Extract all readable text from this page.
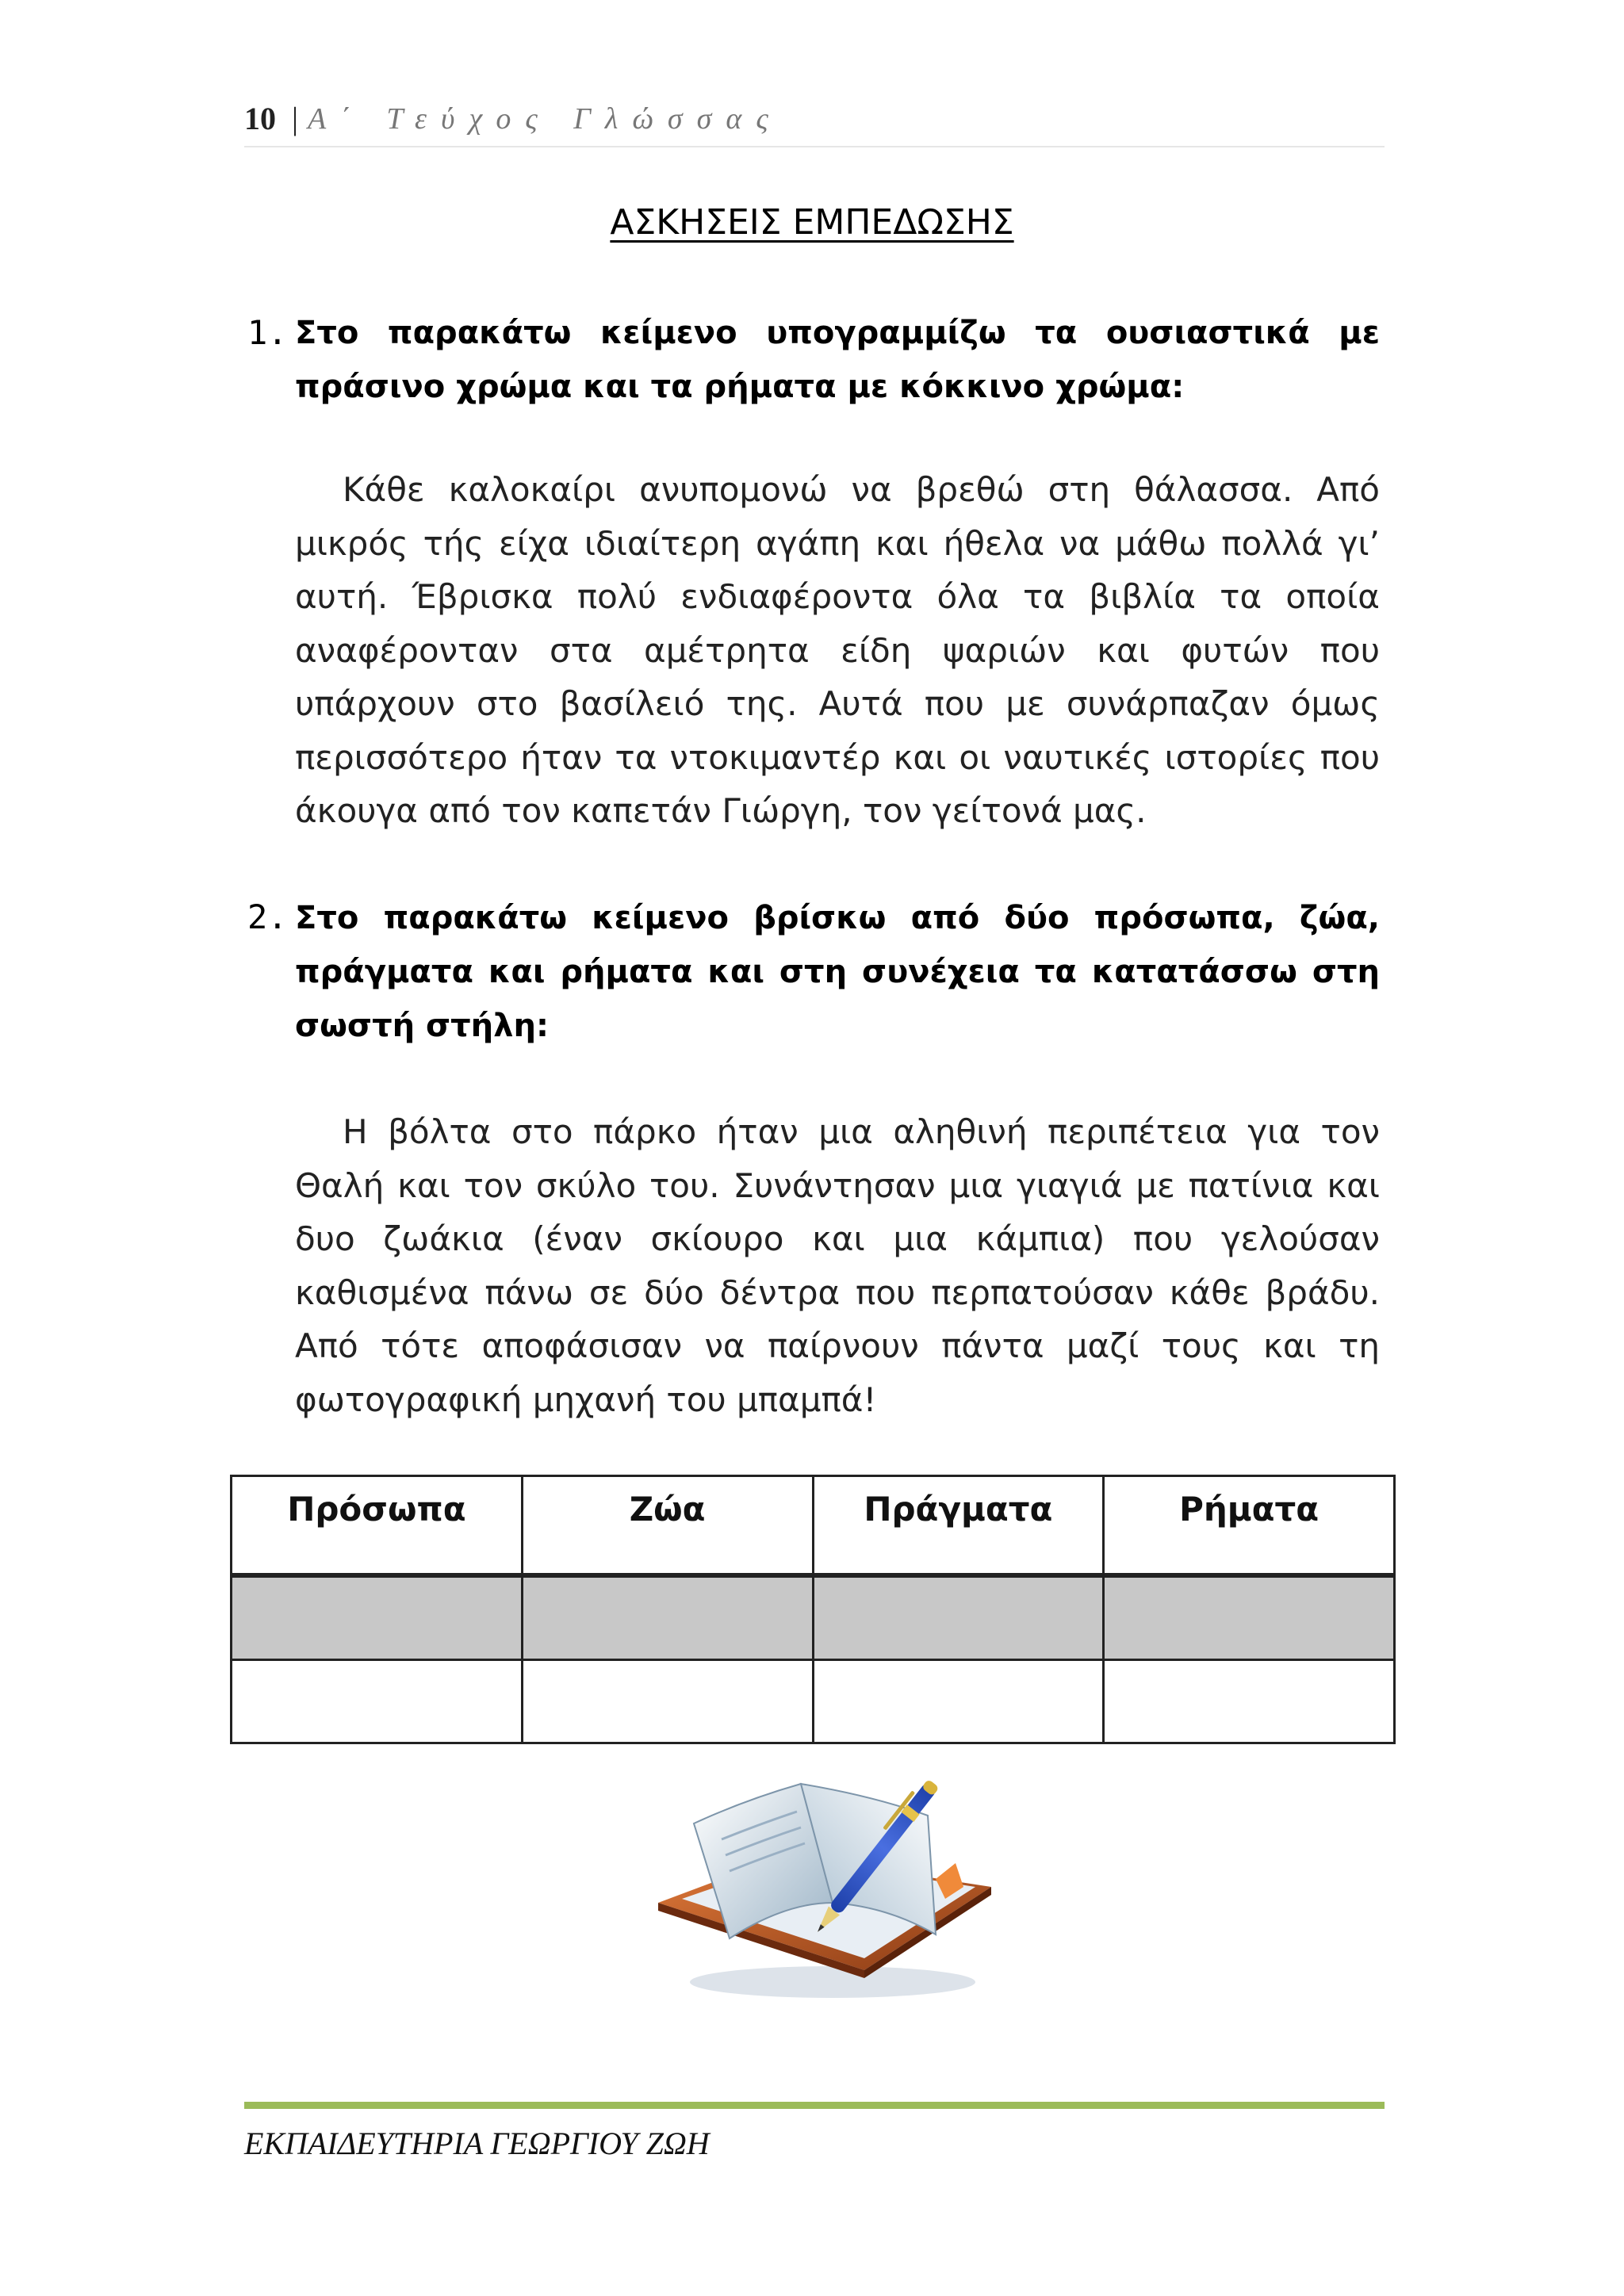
10 | Α΄ Τεύχος Γλώσσας
ΑΣΚΗΣΕΙΣ ΕΜΠΕΔΩΣΗΣ
1. Στο παρακάτω κείμενο υπογραμμίζω τα ουσιαστικά με πράσινο χρώμα και τα ρήματα με κόκκινο χρώμα:
Κάθε καλοκαίρι ανυπομονώ να βρεθώ στη θάλασσα. Από μικρός τής είχα ιδιαίτερη αγάπη και ήθελα να μάθω πολλά γι’ αυτή. Έβρισκα πολύ ενδιαφέροντα όλα τα βιβλία τα οποία αναφέρονταν στα αμέτρητα είδη ψαριών και φυτών που υπάρχουν στο βασίλειό της. Αυτά που με συνάρπαζαν όμως περισσότερο ήταν τα ντοκιμαντέρ και οι ναυτικές ιστορίες που άκουγα από τον καπετάν Γιώργη, τον γείτονά μας.
2. Στο παρακάτω κείμενο βρίσκω από δύο πρόσωπα, ζώα, πράγματα και ρήματα και στη συνέχεια τα κατατάσσω στη σωστή στήλη:
Η βόλτα στο πάρκο ήταν μια αληθινή περιπέτεια για τον Θαλή και τον σκύλο του. Συνάντησαν μια γιαγιά με πατίνια και δυο ζωάκια (έναν σκίουρο και μια κάμπια) που γελούσαν καθισμένα πάνω σε δύο δέντρα που περπατούσαν κάθε βράδυ. Από τότε αποφάσισαν να παίρνουν πάντα μαζί τους και τη φωτογραφική μηχανή του μπαμπά!
Πρόσωπα	Ζώα	Πράγματα	Ρήματα

ΕΚΠΑΙΔΕΥΤΗΡΙΑ ΓΕΩΡΓΙΟΥ ΖΩΗ
